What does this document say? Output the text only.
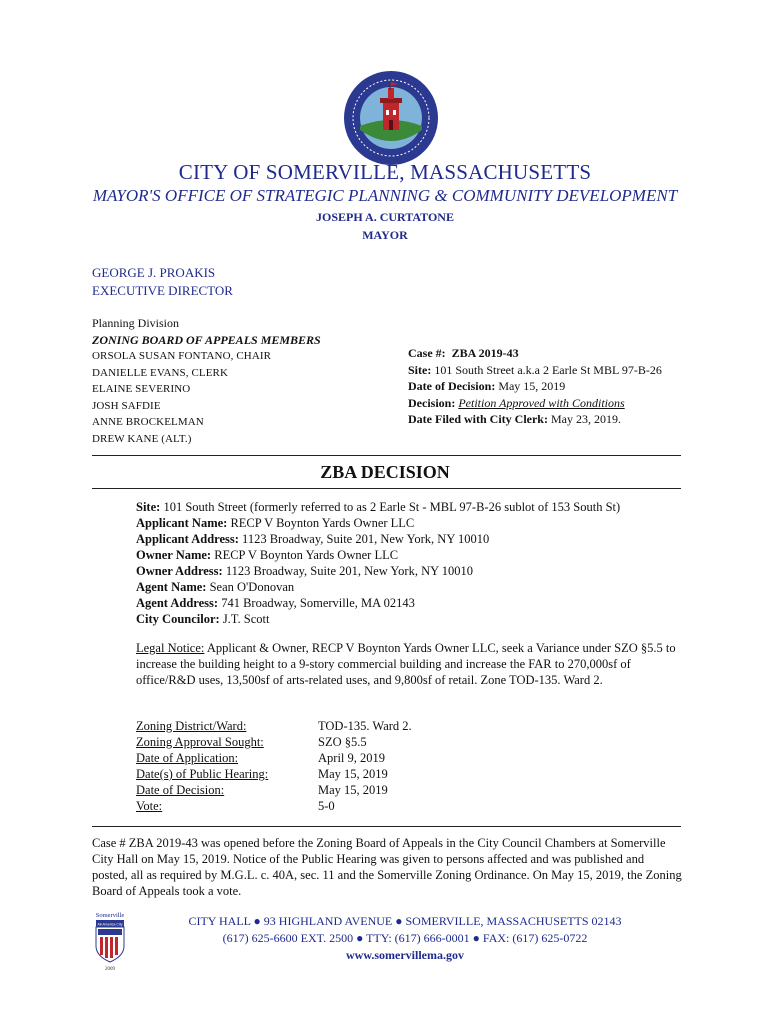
CITY OF SOMERVILLE, MASSACHUSETTS
MAYOR'S OFFICE OF STRATEGIC PLANNING & COMMUNITY DEVELOPMENT
JOSEPH A. CURTATONE
MAYOR
GEORGE J. PROAKIS
EXECUTIVE DIRECTOR
Planning Division
ZONING BOARD OF APPEALS MEMBERS
ORSOLA SUSAN FONTANO, CHAIR
DANIELLE EVANS, CLERK
ELAINE SEVERINO
JOSH SAFDIE
ANNE BROCKELMAN
DREW KANE (ALT.)
Case #: ZBA 2019-43
Site: 101 South Street a.k.a 2 Earle St MBL 97-B-26
Date of Decision: May 15, 2019
Decision: Petition Approved with Conditions
Date Filed with City Clerk: May 23, 2019.
ZBA DECISION
Site: 101 South Street (formerly referred to as 2 Earle St - MBL 97-B-26 sublot of 153 South St)
Applicant Name: RECP V Boynton Yards Owner LLC
Applicant Address: 1123 Broadway, Suite 201, New York, NY 10010
Owner Name: RECP V Boynton Yards Owner LLC
Owner Address: 1123 Broadway, Suite 201, New York, NY 10010
Agent Name: Sean O'Donovan
Agent Address: 741 Broadway, Somerville, MA 02143
City Councilor: J.T. Scott
Legal Notice: Applicant & Owner, RECP V Boynton Yards Owner LLC, seek a Variance under SZO §5.5 to increase the building height to a 9-story commercial building and increase the FAR to 270,000sf of office/R&D uses, 13,500sf of arts-related uses, and 9,800sf of retail. Zone TOD-135. Ward 2.
Zoning District/Ward:
Zoning Approval Sought:
Date of Application:
Date(s) of Public Hearing:
Date of Decision:
Vote:
TOD-135. Ward 2.
SZO §5.5
April 9, 2019
May 15, 2019
May 15, 2019
5-0
Case # ZBA 2019-43 was opened before the Zoning Board of Appeals in the City Council Chambers at Somerville City Hall on May 15, 2019. Notice of the Public Hearing was given to persons affected and was published and posted, all as required by M.G.L. c. 40A, sec. 11 and the Somerville Zoning Ordinance. On May 15, 2019, the Zoning Board of Appeals took a vote.
Somerville
All-America City
2009
CITY HALL ● 93 HIGHLAND AVENUE ● SOMERVILLE, MASSACHUSETTS 02143
(617) 625-6600 EXT. 2500 ● TTY: (617) 666-0001 ● FAX: (617) 625-0722
www.somervillema.gov
